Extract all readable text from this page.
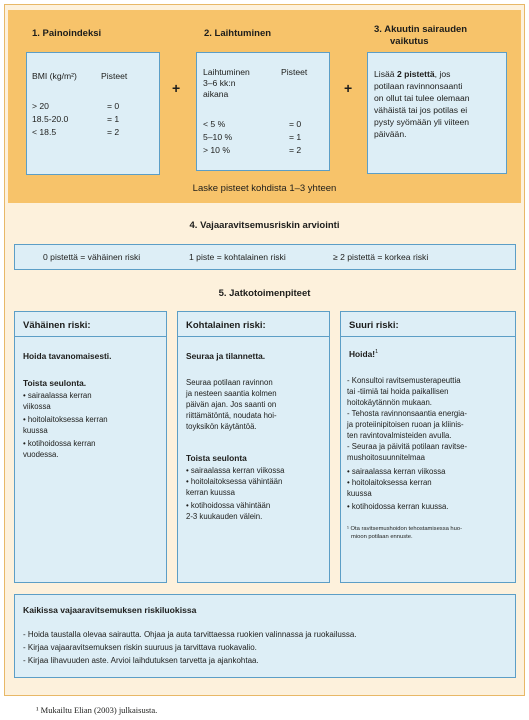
1. Painoindeksi
BMI (kg/m²)	Pisteet
> 20	= 0
18.5-20.0	= 1
< 18.5	= 2
+
2. Laihtuminen
Laihtuminen	Pisteet
3–6 kk:n
aikana
< 5 %	= 0
5–10 %	= 1
> 10 %	= 2
+
3. Akuutin sairauden
vaikutus
Lisää 2 pistettä, jos
potilaan ravinnonsaanti
on ollut tai tulee olemaan
vähäistä tai jos potilas ei
pysty syömään yli viiteen
päivään.
Laske pisteet kohdista 1–3 yhteen
4. Vajaaravitsemusriskin arviointi
0 pistettä = vähäinen riski	1 piste = kohtalainen riski	≥ 2 pistettä = korkea riski
5. Jatkotoimenpiteet
Vähäinen riski:
Hoida tavanomaisesti.
Toista seulonta.
• sairaalassa kerran
viikossa
• hoitolaitoksessa kerran
kuussa
• kotihoidossa kerran
vuodessa.
Kohtalainen riski:
Seuraa ja tilannetta.
Seuraa potilaan ravinnon
ja nesteen saantia kolmen
päivän ajan. Jos saanti on
riittämätöntä, noudata hoi-
toyksikön käytäntöä.
Toista seulonta
• sairaalassa kerran viikossa
• hoitolaitoksessa vähintään
kerran kuussa
• kotihoidossa vähintään
2-3 kuukauden välein.
Suuri riski:
Hoida!$^1$
- Konsultoi ravitsemusterapeuttia
tai -tiimiä tai hoida paikallisen
hoitokäytännön mukaan.
- Tehosta ravinnonsaantia energia-
ja proteiinipitoisen ruoan ja kliinis-
ten ravintovalmisteiden avulla.
- Seuraa ja päivitä potilaan ravitse-
mushoitosuunnitelmaa
• sairaalassa kerran viikossa
• hoitolaitoksessa kerran
kuussa
• kotihoidossa kerran kuussa.
¹ Ota ravitsemushoidon tehostamisessa huo-
mioon potilaan ennuste.
Kaikissa vajaaravitsemuksen riskiluokissa
- Hoida taustalla olevaa sairautta. Ohjaa ja auta tarvittaessa ruokien valinnassa ja ruokailussa.
- Kirjaa vajaaravitsemuksen riskin suuruus ja tarvittava ruokavalio.
- Kirjaa lihavuuden aste. Arvioi laihdutuksen tarvetta ja ajankohtaa.
¹ Mukailtu Elian (2003) julkaisusta.
